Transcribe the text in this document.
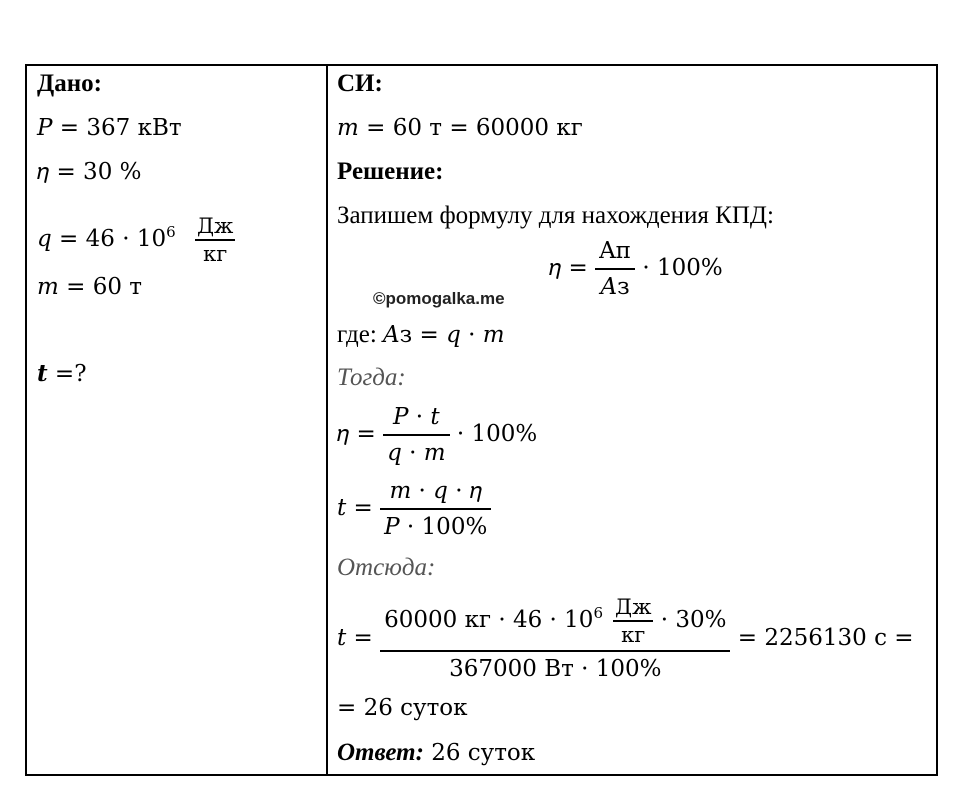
Дано:
𝑃 = 367 кВт
𝜂 = 30 %
𝑞 = $46 \cdot 10^6 \frac{Дж}{кг}$
𝑚 = 60 т
𝒕 =?
СИ:
𝑚 = 60 т = 60000 кг
Решение:
Запишем формулу для нахождения КПД:
𝜂 = $\frac{Aп}{\text{𝐴з}} \cdot 100\%$
©pomogalka.me
где: 𝐴з = 𝑞 · 𝑚
Тогда:
𝜂 = $\frac{\text{𝑃 · 𝑡}}{\text{𝑞 · 𝑚}} \cdot 100\%$
𝑡 = $\frac{\text{𝑚 · 𝑞 · 𝜂}}{\text{𝑃 · 100\%}}$
Отсюда:
𝑡 = $\frac{60000 кг \cdot 46 \cdot 10^6 \frac{Дж}{кг} \cdot 30\%}{367000 Вт \cdot 100\%} = 2256130$ с =
= 26 суток
Ответ: 26 суток
